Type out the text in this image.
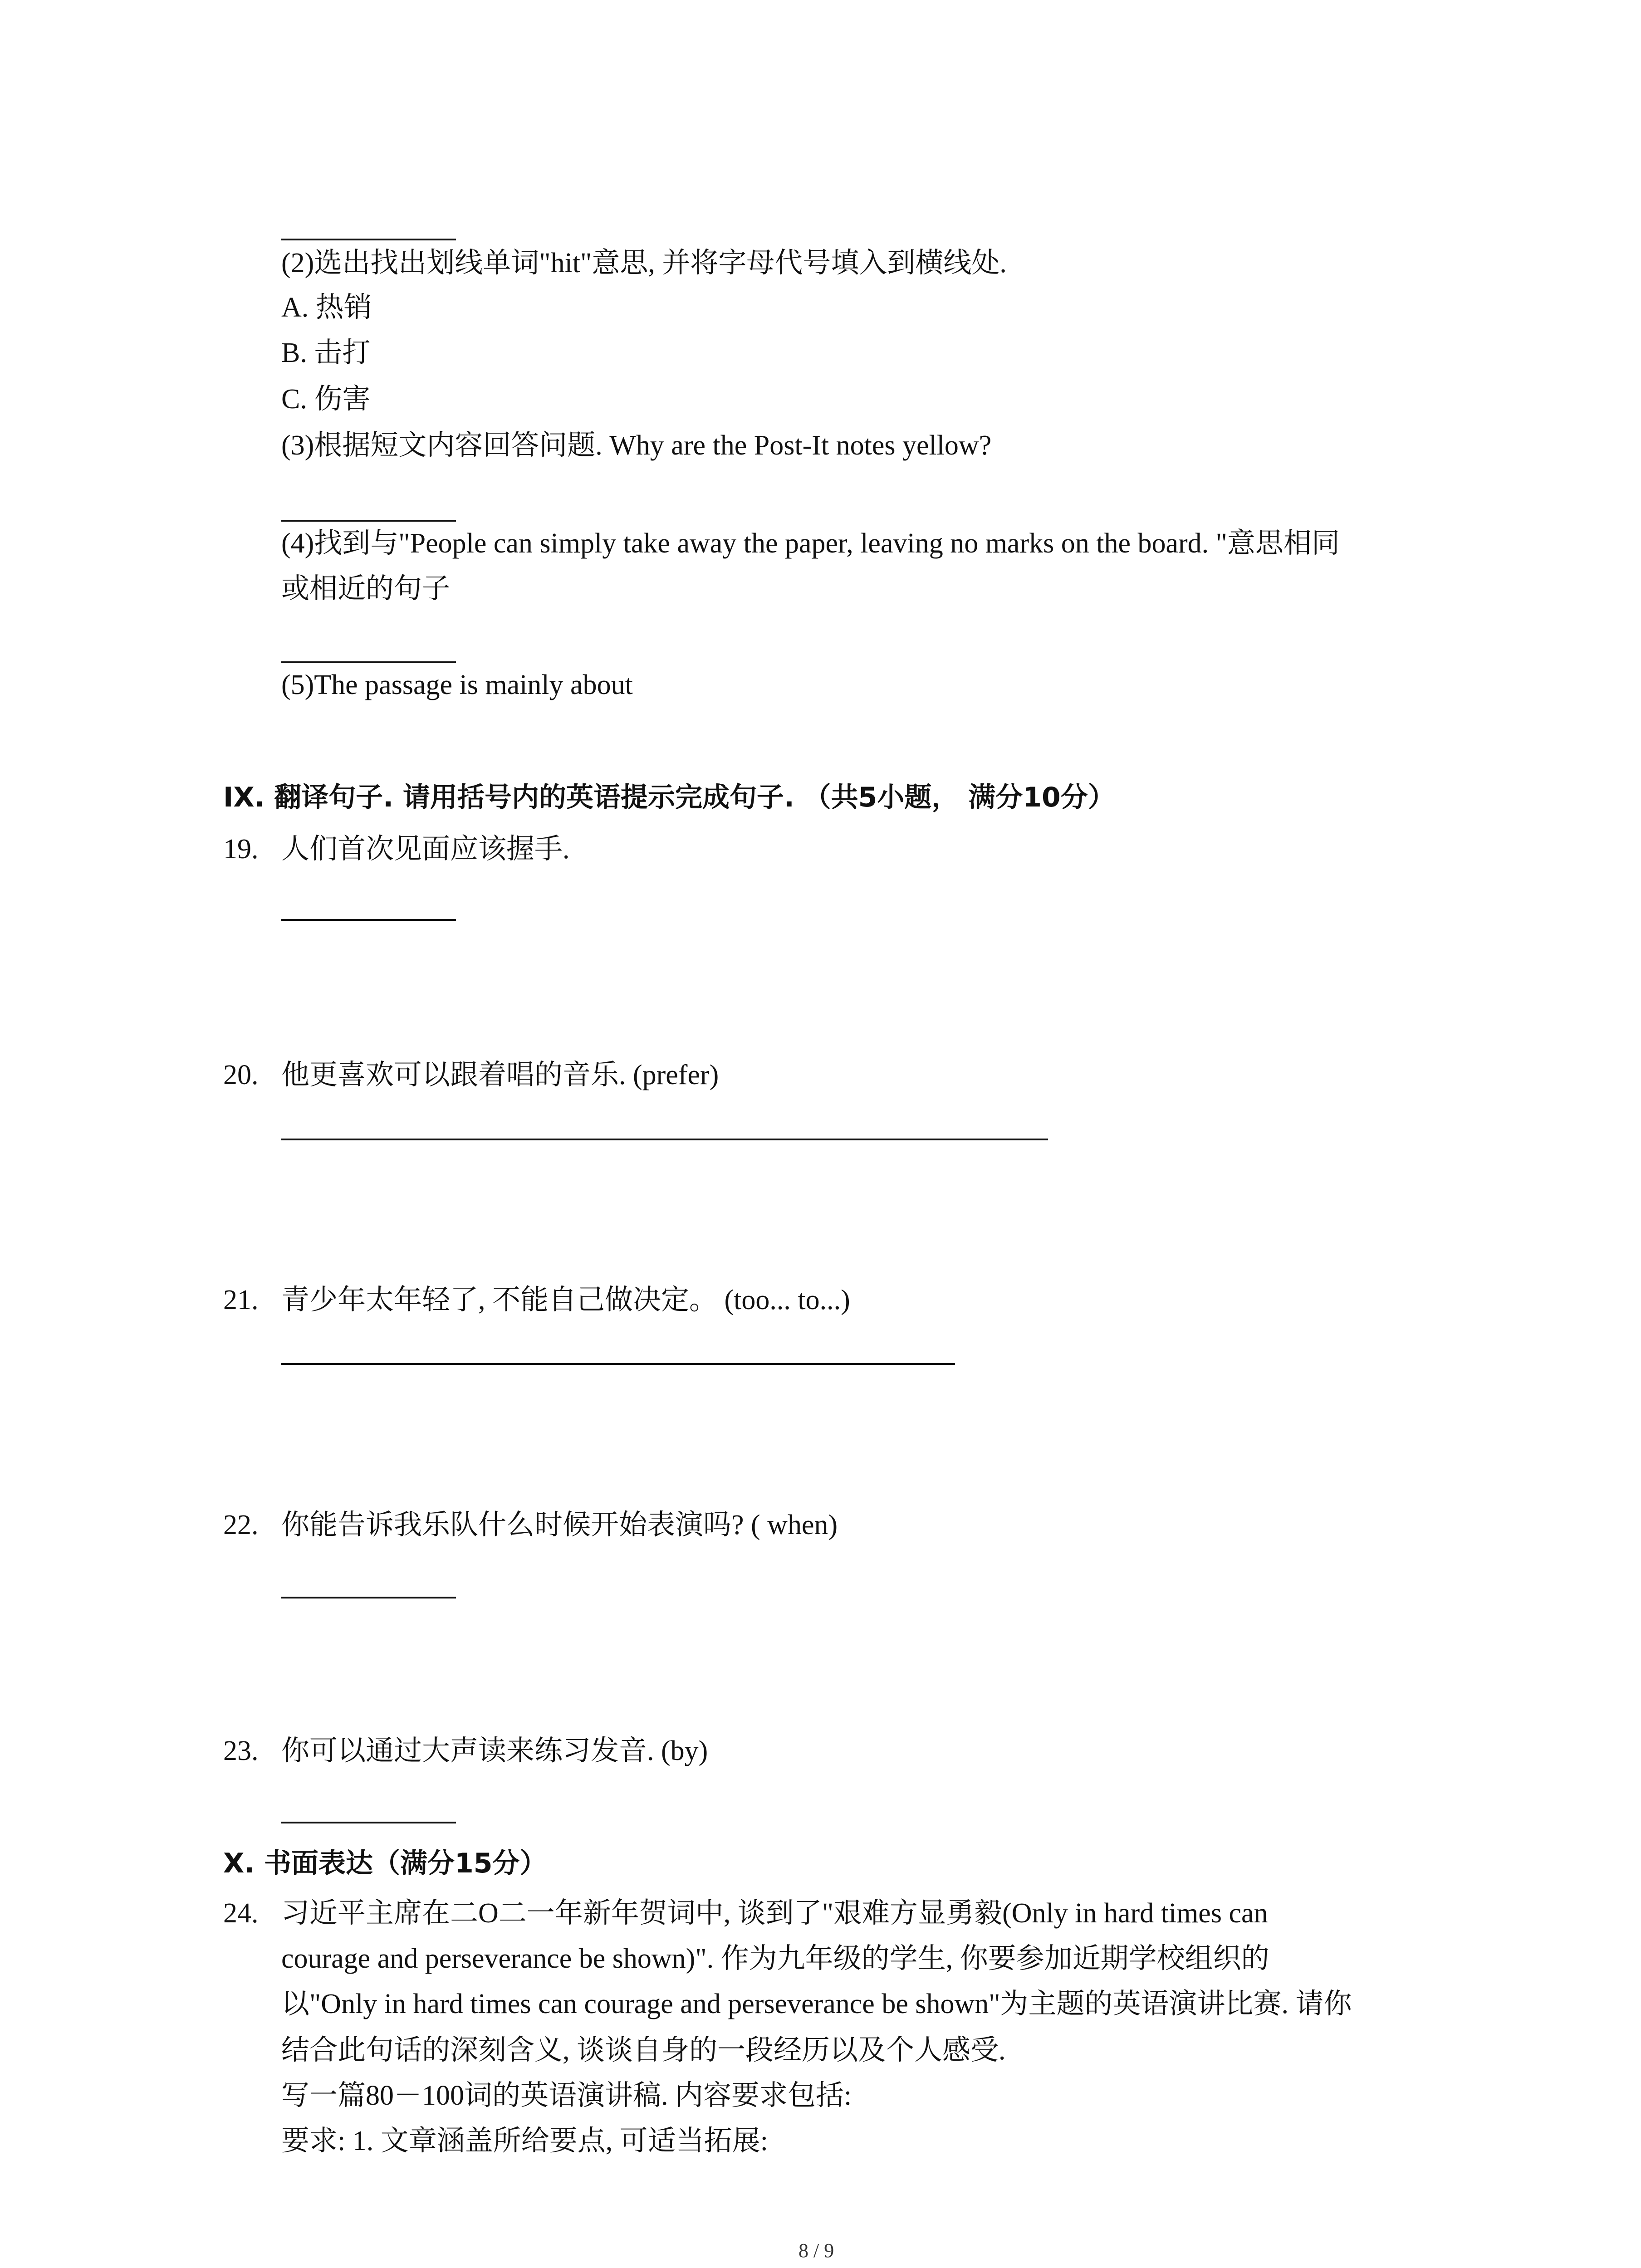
(2)选出找出划线单词"hit"意思, 并将字母代号填入到横线处.
A. 热销
B. 击打
C. 伤害
(3)根据短文内容回答问题. Why are the Post-It notes yellow?
(4)找到与"People can simply take away the paper, leaving no marks on the board. "意思相同
或相近的句子
(5)The passage is mainly about
IX. 翻译句子. 请用括号内的英语提示完成句子. （共5小题， 满分10分）
19. 人们首次见面应该握手.
20. 他更喜欢可以跟着唱的音乐. (prefer)
21. 青少年太年轻了, 不能自己做决定。 (too... to...)
22. 你能告诉我乐队什么时候开始表演吗? ( when)
23. 你可以通过大声读来练习发音. (by)
X. 书面表达（满分15分）
24. 习近平主席在二O二一年新年贺词中, 谈到了"艰难方显勇毅(Only in hard times can
courage and perseverance be shown)". 作为九年级的学生, 你要参加近期学校组织的
以"Only in hard times can courage and perseverance be shown"为主题的英语演讲比赛. 请你
结合此句话的深刻含义, 谈谈自身的一段经历以及个人感受.
写一篇80－100词的英语演讲稿. 内容要求包括:
要求: 1. 文章涵盖所给要点, 可适当拓展:
8 / 9
